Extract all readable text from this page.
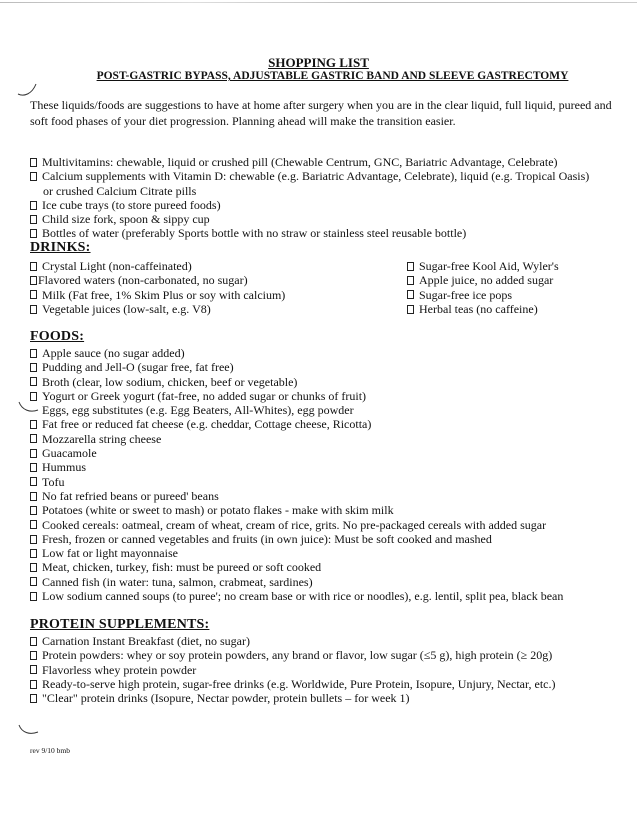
SHOPPING LIST
POST-GASTRIC BYPASS, ADJUSTABLE GASTRIC BAND AND SLEEVE GASTRECTOMY
These liquids/foods are suggestions to have at home after surgery when you are in the clear liquid, full liquid, pureed and soft food phases of your diet progression. Planning ahead will make the transition easier.
Multivitamins: chewable, liquid or crushed pill (Chewable Centrum, GNC, Bariatric Advantage, Celebrate)
Calcium supplements with Vitamin D: chewable (e.g. Bariatric Advantage, Celebrate), liquid (e.g. Tropical Oasis)
or crushed Calcium Citrate pills
Ice cube trays (to store pureed foods)
Child size fork, spoon & sippy cup
Bottles of water (preferably Sports bottle with no straw or stainless steel reusable bottle)
DRINKS:
Crystal Light (non-caffeinated)
Flavored waters (non-carbonated, no sugar)
Milk (Fat free, 1% Skim Plus or soy with calcium)
Vegetable juices (low-salt, e.g. V8)
Sugar-free Kool Aid, Wyler's
Apple juice, no added sugar
Sugar-free ice pops
Herbal teas (no caffeine)
FOODS:
Apple sauce (no sugar added)
Pudding and Jell-O (sugar free, fat free)
Broth (clear, low sodium, chicken, beef or vegetable)
Yogurt or Greek yogurt (fat-free, no added sugar or chunks of fruit)
Eggs, egg substitutes (e.g. Egg Beaters, All-Whites), egg powder
Fat free or reduced fat cheese (e.g. cheddar, Cottage cheese, Ricotta)
Mozzarella string cheese
Guacamole
Hummus
Tofu
No fat refried beans or pureed' beans
Potatoes (white or sweet to mash) or potato flakes - make with skim milk
Cooked cereals: oatmeal, cream of wheat, cream of rice, grits. No pre-packaged cereals with added sugar
Fresh, frozen or canned vegetables and fruits (in own juice): Must be soft cooked and mashed
Low fat or light mayonnaise
Meat, chicken, turkey, fish: must be pureed or soft cooked
Canned fish (in water: tuna, salmon, crabmeat, sardines)
Low sodium canned soups (to puree'; no cream base or with rice or noodles), e.g. lentil, split pea, black bean
PROTEIN SUPPLEMENTS:
Carnation Instant Breakfast (diet, no sugar)
Protein powders: whey or soy protein powders, any brand or flavor, low sugar (≤5 g), high protein (≥ 20g)
Flavorless whey protein powder
Ready-to-serve high protein, sugar-free drinks (e.g. Worldwide, Pure Protein, Isopure, Unjury, Nectar, etc.)
"Clear" protein drinks (Isopure, Nectar powder, protein bullets – for week 1)
rev 9/10 bmb
